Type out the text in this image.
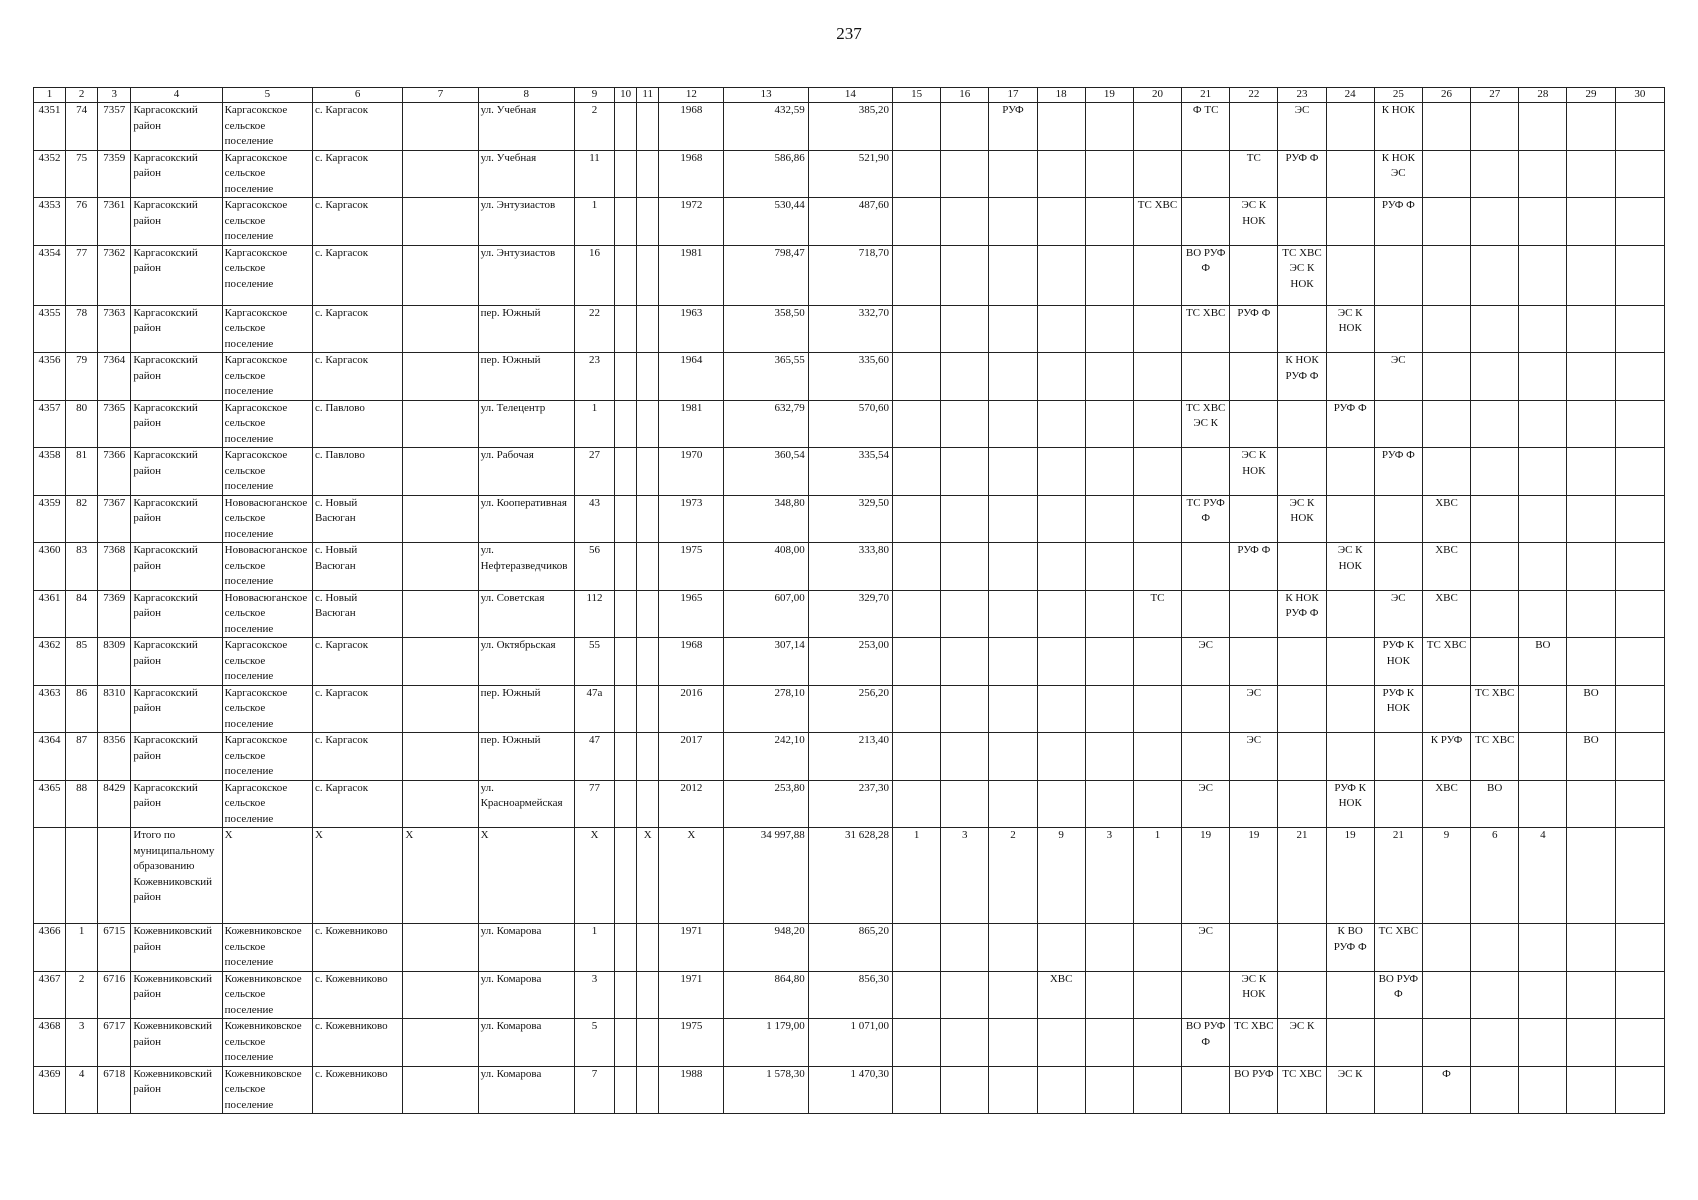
237
1	2	3	4	5	6	7	8	9	10	11	12	13	14	15	16	17	18	19	20	21	22	23	24	25	26	27	28	29	30
4351	74	7357	Каргасокский район	Каргасокское сельское поселение	с. Каргасок		ул. Учебная	2			1968	432,59	385,20			РУФ				Ф ТС		ЭС		К НОК					
4352	75	7359	Каргасокский район	Каргасокское сельское поселение	с. Каргасок		ул. Учебная	11			1968	586,86	521,90								ТС	РУФ Ф		К НОК ЭС					
4353	76	7361	Каргасокский район	Каргасокское сельское поселение	с. Каргасок		ул. Энтузиастов	1			1972	530,44	487,60						ТС ХВС		ЭС К НОК			РУФ Ф					
4354	77	7362	Каргасокский район	Каргасокское сельское поселение	с. Каргасок		ул. Энтузиастов	16			1981	798,47	718,70							ВО РУФ Ф		ТС ХВС ЭС К НОК							
4355	78	7363	Каргасокский район	Каргасокское сельское поселение	с. Каргасок		пер. Южный	22			1963	358,50	332,70							ТС ХВС	РУФ Ф		ЭС К НОК						
4356	79	7364	Каргасокский район	Каргасокское сельское поселение	с. Каргасок		пер. Южный	23			1964	365,55	335,60									К НОК РУФ Ф		ЭС					
4357	80	7365	Каргасокский район	Каргасокское сельское поселение	с. Павлово		ул. Телецентр	1			1981	632,79	570,60							ТС ХВС ЭС К			РУФ Ф						
4358	81	7366	Каргасокский район	Каргасокское сельское поселение	с. Павлово		ул. Рабочая	27			1970	360,54	335,54								ЭС К НОК			РУФ Ф					
4359	82	7367	Каргасокский район	Нововасюганское сельское поселение	с. Новый Васюган		ул. Кооперативная	43			1973	348,80	329,50							ТС РУФ Ф		ЭС К НОК			ХВС				
4360	83	7368	Каргасокский район	Нововасюганское сельское поселение	с. Новый Васюган		ул. Нефтеразведчиков	56			1975	408,00	333,80								РУФ Ф		ЭС К НОК		ХВС				
4361	84	7369	Каргасокский район	Нововасюганское сельское поселение	с. Новый Васюган		ул. Советская	112			1965	607,00	329,70						ТС			К НОК РУФ Ф		ЭС	ХВС				
4362	85	8309	Каргасокский район	Каргасокское сельское поселение	с. Каргасок		ул. Октябрьская	55			1968	307,14	253,00							ЭС				РУФ К НОК	ТС ХВС		ВО		
4363	86	8310	Каргасокский район	Каргасокское сельское поселение	с. Каргасок		пер. Южный	47а			2016	278,10	256,20								ЭС			РУФ К НОК		ТС ХВС		ВО	
4364	87	8356	Каргасокский район	Каргасокское сельское поселение	с. Каргасок		пер. Южный	47			2017	242,10	213,40								ЭС				К РУФ	ТС ХВС		ВО	
4365	88	8429	Каргасокский район	Каргасокское сельское поселение	с. Каргасок		ул. Красноармейская	77			2012	253,80	237,30							ЭС			РУФ К НОК		ХВС	ВО			
			Итого по муниципальному образованию Кожевниковский район	X	X	X	X	X		X	X	34 997,88	31 628,28	1	3	2	9	3	1	19	19	21	19	21	9	6	4		
4366	1	6715	Кожевниковский район	Кожевниковское сельское поселение	с. Кожевниково		ул. Комарова	1			1971	948,20	865,20							ЭС			К ВО РУФ Ф	ТС ХВС					
4367	2	6716	Кожевниковский район	Кожевниковское сельское поселение	с. Кожевниково		ул. Комарова	3			1971	864,80	856,30				ХВС				ЭС К НОК			ВО РУФ Ф					
4368	3	6717	Кожевниковский район	Кожевниковское сельское поселение	с. Кожевниково		ул. Комарова	5			1975	1 179,00	1 071,00							ВО РУФ Ф	ТС ХВС	ЭС К							
4369	4	6718	Кожевниковский район	Кожевниковское сельское поселение	с. Кожевниково		ул. Комарова	7			1988	1 578,30	1 470,30								ВО РУФ	ТС ХВС	ЭС К		Ф				
